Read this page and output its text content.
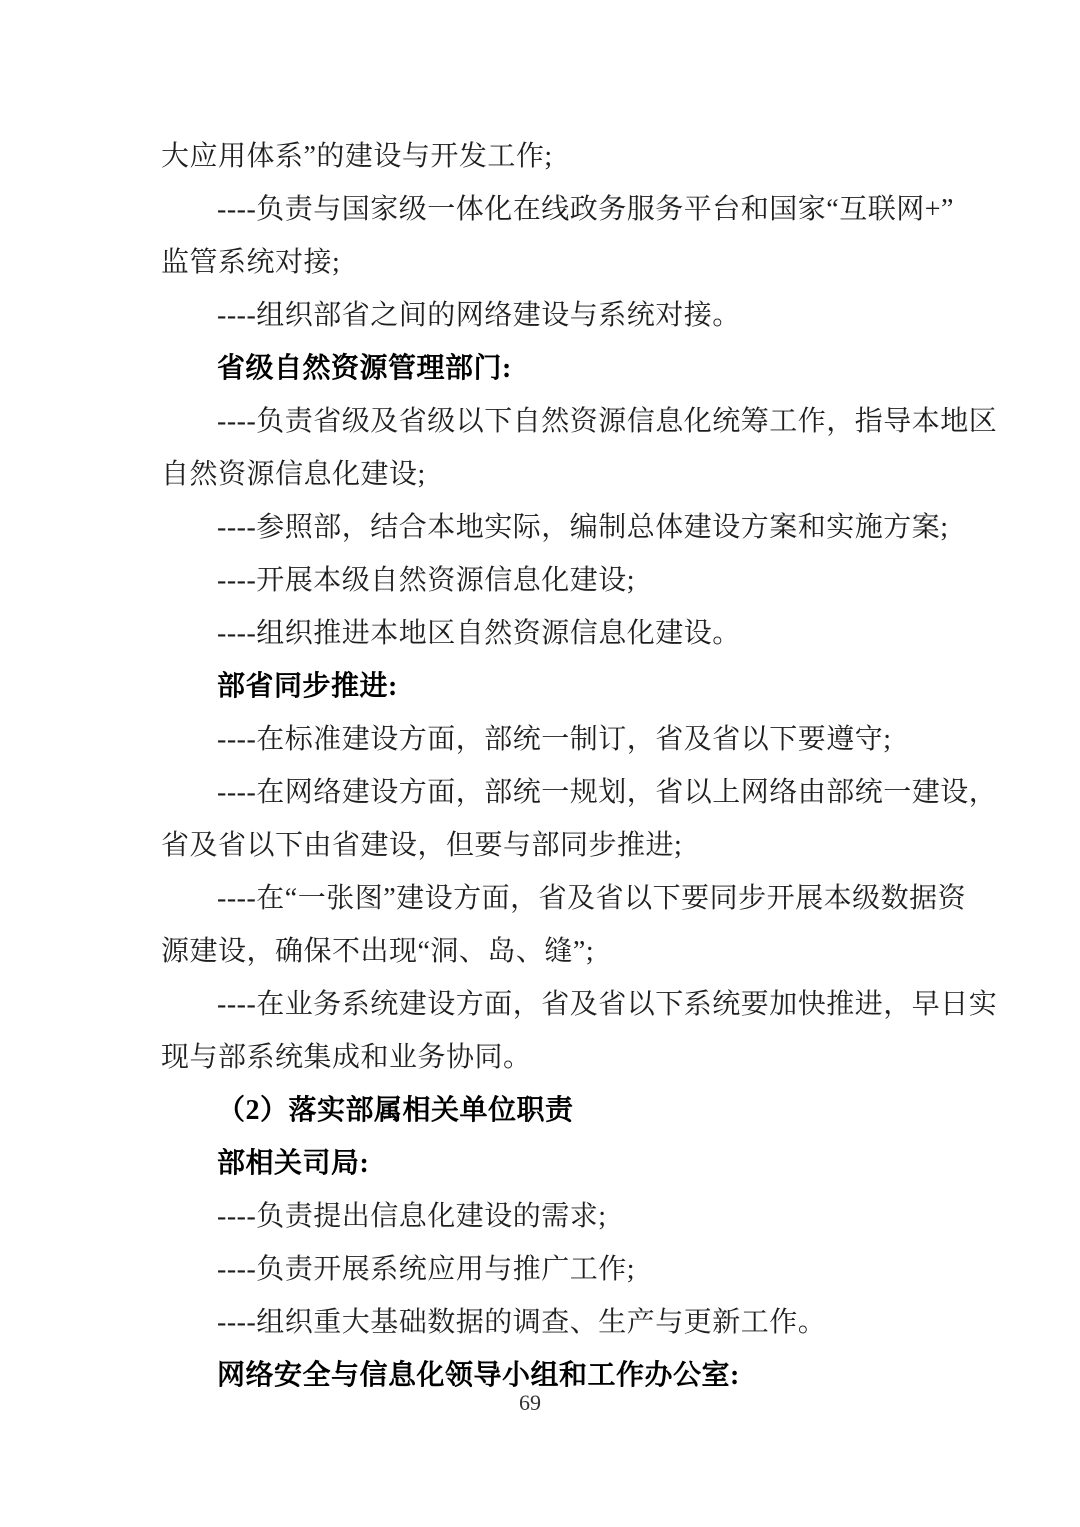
大应用体系”的建设与开发工作;
----负责与国家级一体化在线政务服务平台和国家“互联网+”
监管系统对接;
----组织部省之间的网络建设与系统对接。
省级自然资源管理部门:
----负责省级及省级以下自然资源信息化统筹工作，指导本地区
自然资源信息化建设;
----参照部，结合本地实际，编制总体建设方案和实施方案;
----开展本级自然资源信息化建设;
----组织推进本地区自然资源信息化建设。
部省同步推进:
----在标准建设方面，部统一制订，省及省以下要遵守;
----在网络建设方面，部统一规划，省以上网络由部统一建设，
省及省以下由省建设，但要与部同步推进;
----在“一张图”建设方面，省及省以下要同步开展本级数据资
源建设，确保不出现“洞、岛、缝”;
----在业务系统建设方面，省及省以下系统要加快推进，早日实
现与部系统集成和业务协同。
（2）落实部属相关单位职责
部相关司局:
----负责提出信息化建设的需求;
----负责开展系统应用与推广工作;
----组织重大基础数据的调查、生产与更新工作。
网络安全与信息化领导小组和工作办公室:
69
